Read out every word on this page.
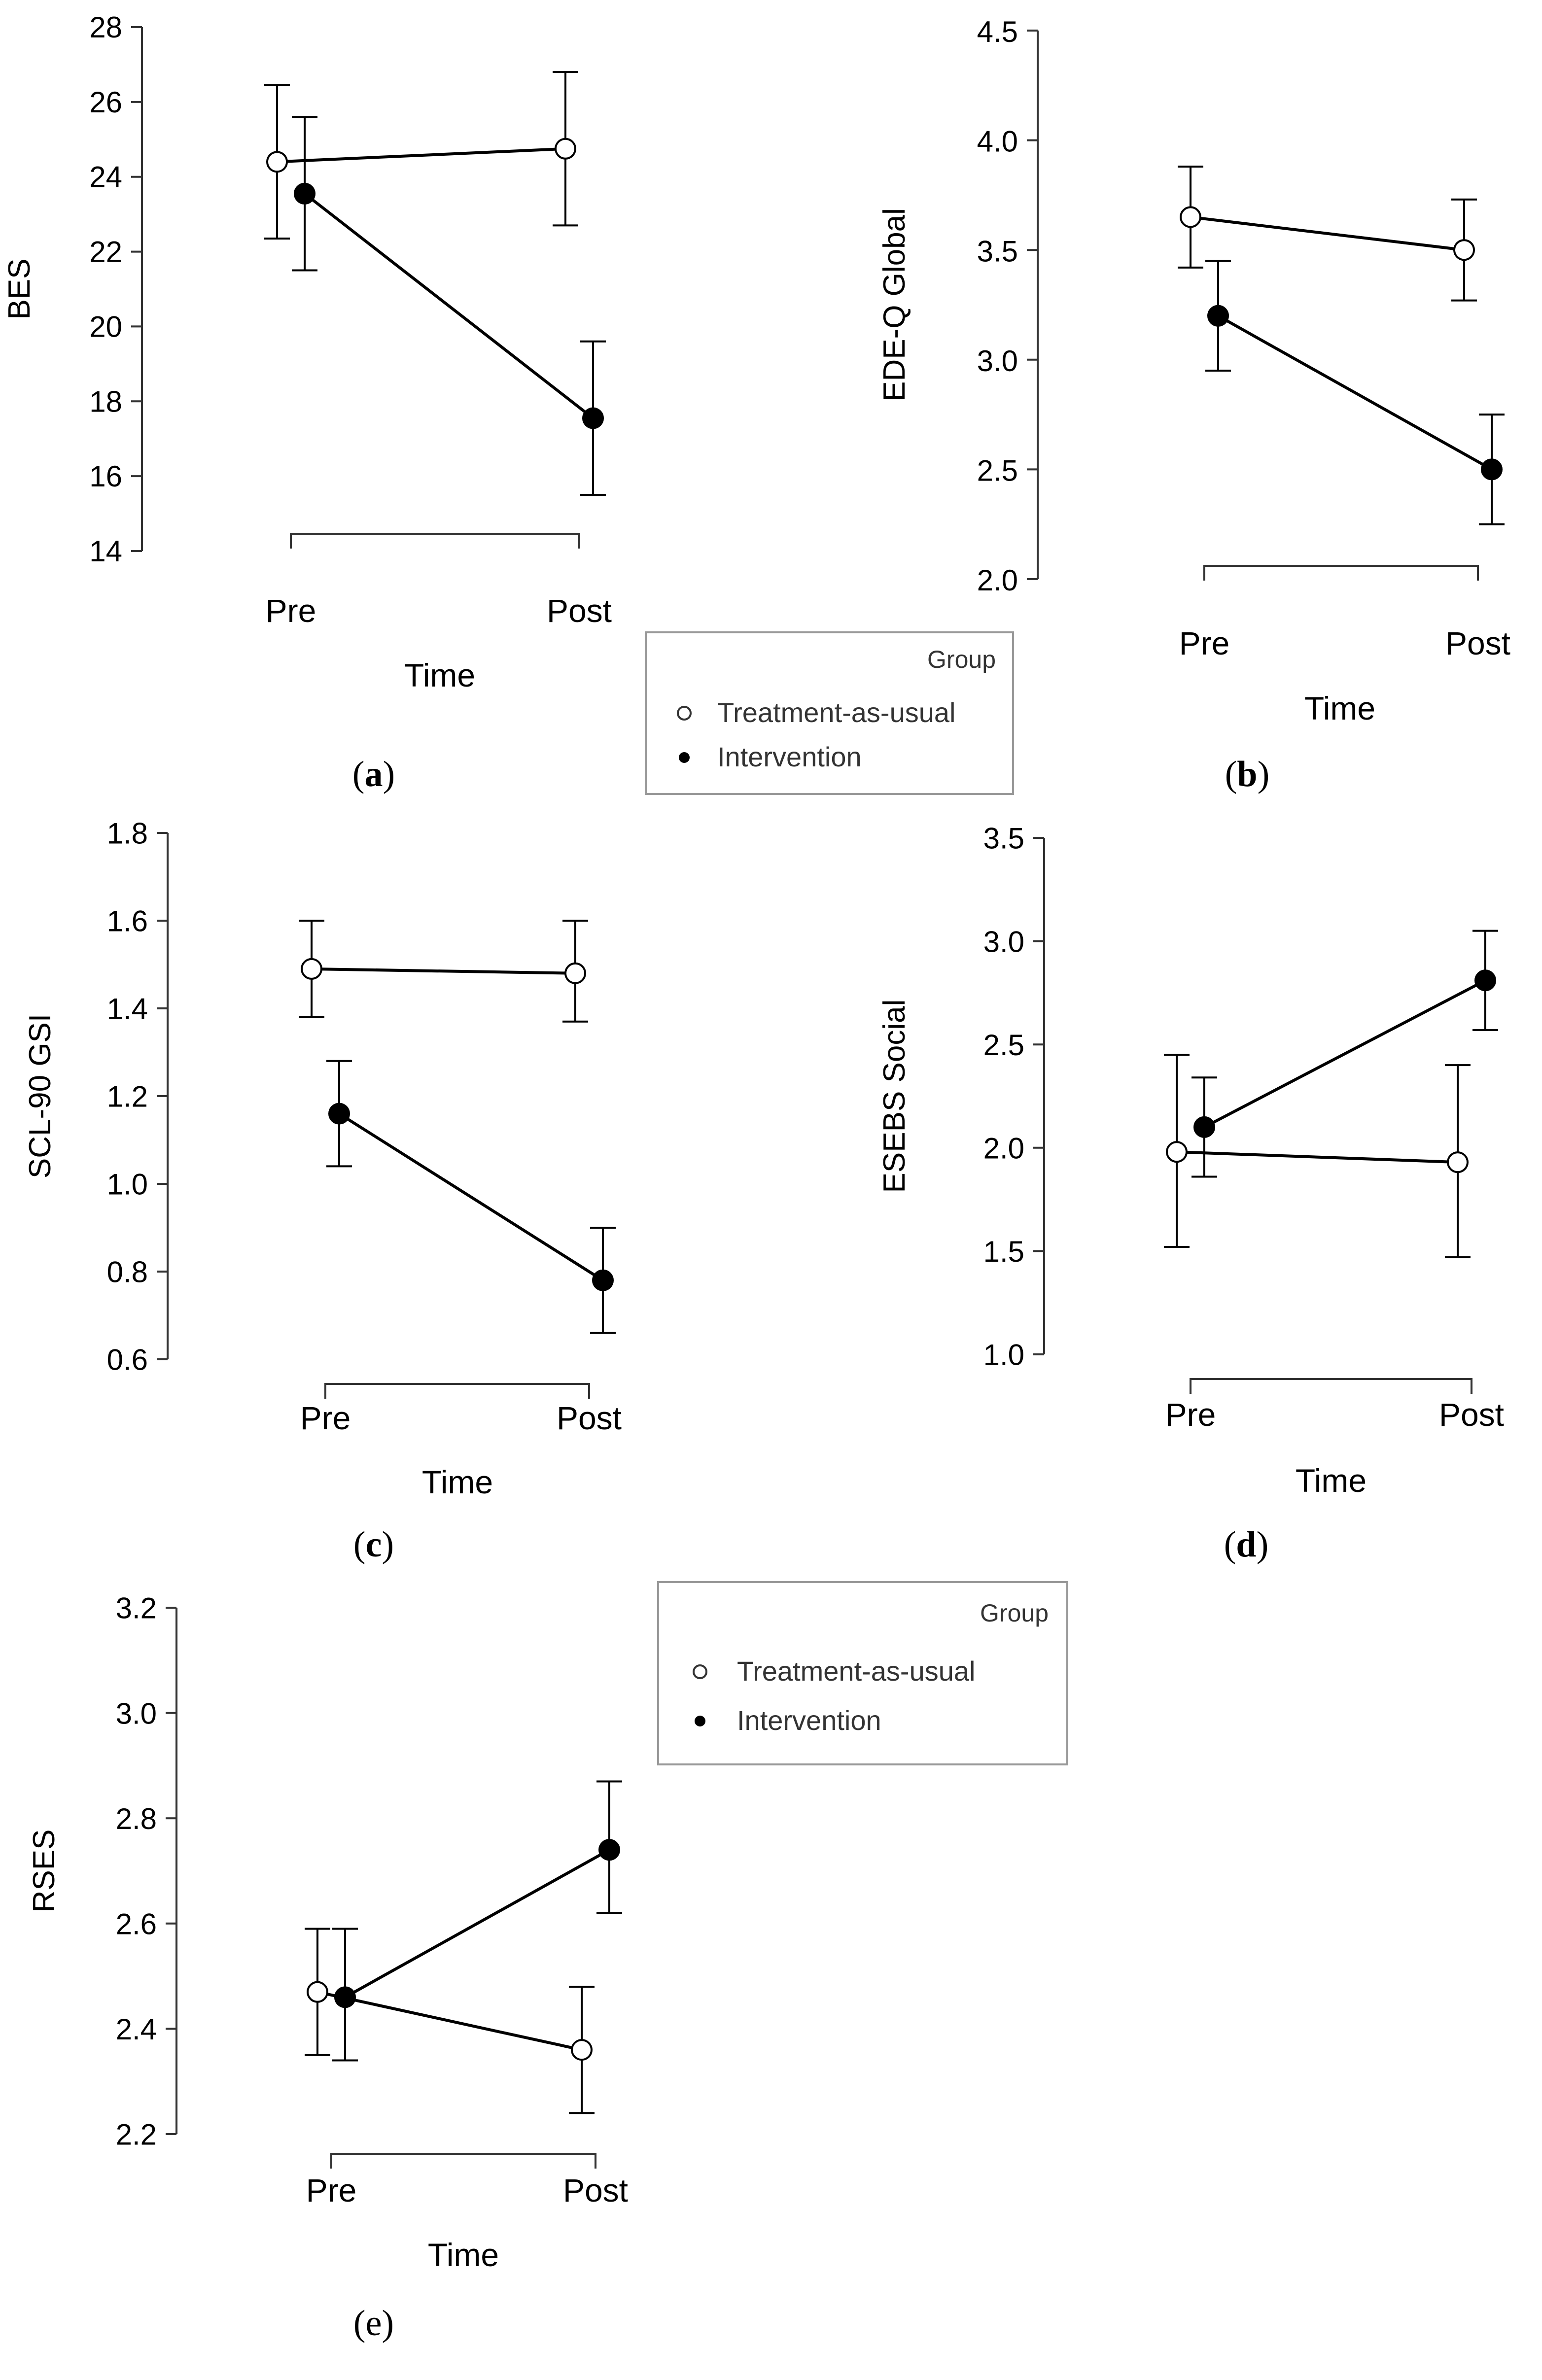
14
16
18
20
22
24
26
28
BES
Pre	Post
Time
(a)
2.0
2.5
3.0
3.5
4.0
4.5
EDE-Q Global
Pre	Post
Time
(b)
0.6
0.8
1.0
1.2
1.4
1.6
1.8
SCL-90 GSI
Pre	Post
Time
(c)
1.0
1.5
2.0
2.5
3.0
3.5
ESEBS Social
Pre	Post
Time
(d)
2.2
2.4
2.6
2.8
3.0
3.2
RSES
Pre	Post
Time
(e)
Group
Treatment-as-usual
Intervention
Group
Treatment-as-usual
Intervention
